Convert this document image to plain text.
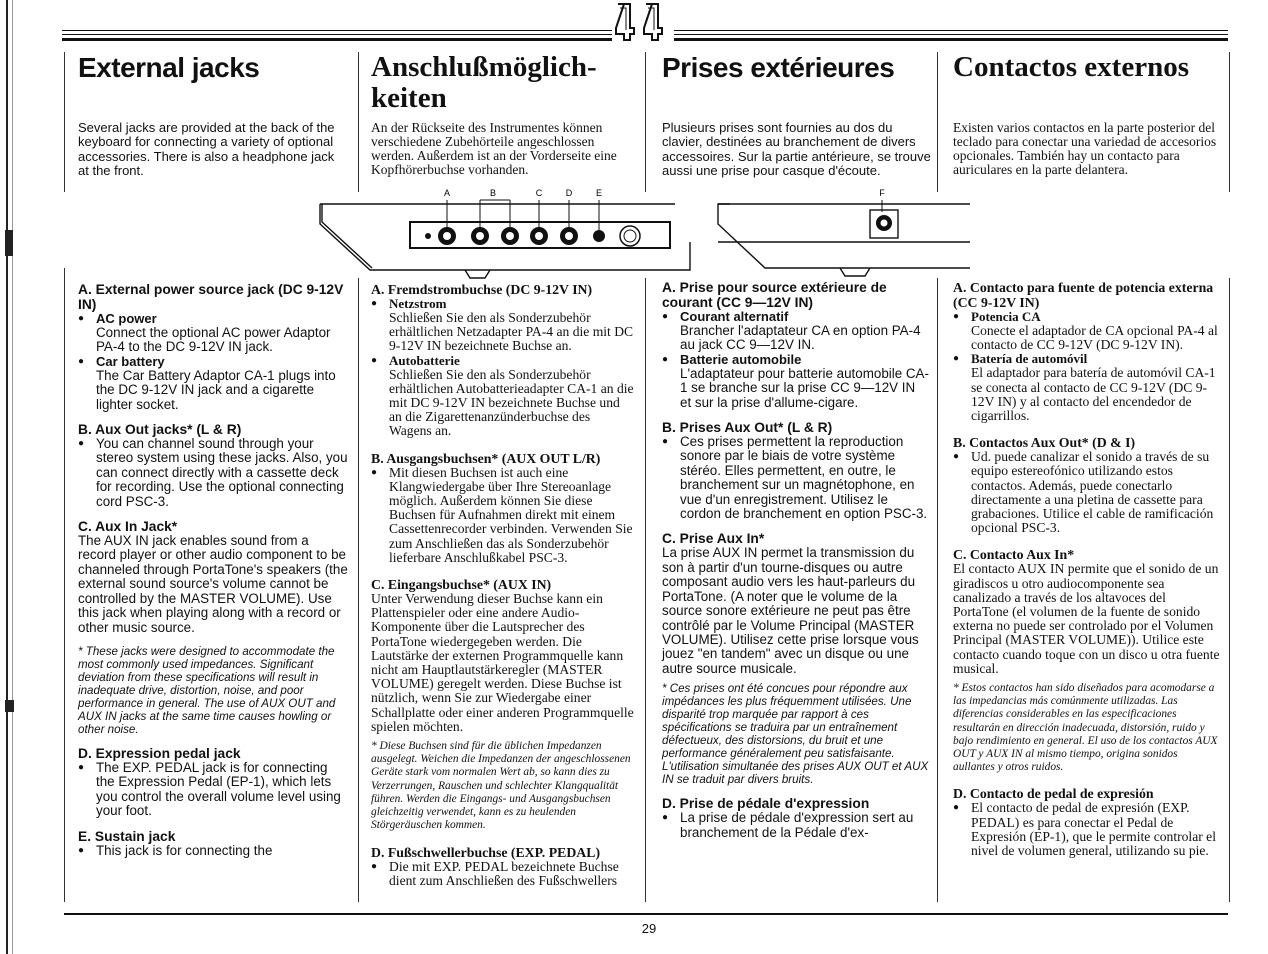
External jacks	Anschlußmöglich-
keiten
Prises extérieures Contactos externos

Several jacks are provided at the back of the keyboard for connecting a variety of optional accessories. There is also a headphone jack at the front.

An der Rückseite des Instrumentes können verschiedene Zubehörteile angeschlossen werden. Außerdem ist an der Vorderseite eine Kopfhörerbuchse vorhanden.

Plusieurs prises sont fournies au dos du clavier, destinées au branchement de divers accessoires. Sur la partie antérieure, se trouve aussi une prise pour casque d'écoute.

Existen varios contactos en la parte posterior del teclado para conectar una variedad de accesorios opcionales. También hay un contacto para auriculares en la parte delantera.

A	B	C	D	E	F
A. External power source jack (DC 9-12V IN)
● AC power

Connect the optional AC power Adaptor PA-4 to the DC 9-12V IN jack.

● Car battery

The Car Battery Adaptor CA-1 plugs into the DC 9-12V IN jack and a cigarette lighter socket.

B. Aux Out jacks* (L & R)

● You can channel sound through your stereo system using these jacks. Also, you can connect directly with a cassette deck for recording. Use the optional connecting cord PSC-3.

C. Aux In Jack*

The AUX IN jack enables sound from a record player or other audio component to be channeled through PortaTone's speakers (the external sound source's volume cannot be controlled by the MASTER VOLUME). Use this jack when playing along with a record or other music source.

* These jacks were designed to accommodate the most commonly used impedances. Significant deviation from these specifications will result in inadequate drive, distortion, noise, and poor performance in general. The use of AUX OUT and AUX IN jacks at the same time causes howling or other noise.

D. Expression pedal jack

● The EXP. PEDAL jack is for connecting the Expression Pedal (EP-1), which lets you control the overall volume level using your foot.

E. Sustain jack

● This jack is for connecting the

A. Fremdstrombuchse (DC 9-12V IN)
● Netzstrom

Schließen Sie den als Sonderzubehör erhältlichen Netzadapter PA-4 an die mit DC 9-12V IN bezeichnete Buchse an.

● Autobatterie

Schließen Sie den als Sonderzubehör erhältlichen Autobatterieadapter CA-1 an die mit DC 9-12V IN bezeichnete Buchse und an die Zigarettenanzünderbuchse des Wagens an.

B. Ausgangsbuchsen* (AUX OUT L/R)

● Mit diesen Buchsen ist auch eine Klangwiedergabe über Ihre Stereoanlage möglich. Außerdem können Sie diese Buchsen für Aufnahmen direkt mit einem Cassettenrecorder verbinden. Verwenden Sie zum Anschließen das als Sonderzubehör lieferbare Anschlußkabel PSC-3.

C. Eingangsbuchse* (AUX IN)

Unter Verwendung dieser Buchse kann ein Plattenspieler oder eine andere Audio-Komponente über die Lautsprecher des PortaTone wiedergegeben werden. Die Lautstärke der externen Programmquelle kann nicht am Hauptlautstärkeregler (MASTER VOLUME) geregelt werden. Diese Buchse ist nützlich, wenn Sie zur Wiedergabe einer Schallplatte oder einer anderen Programmquelle spielen möchten.

* Diese Buchsen sind für die üblichen Impedanzen ausgelegt. Weichen die Impedanzen der angeschlossenen Geräte stark vom normalen Wert ab, so kann dies zu Verzerrungen, Rauschen und schlechter Klangqualität führen. Werden die Eingangs- und Ausgangsbuchsen gleichzeitig verwendet, kann es zu heulenden Störgeräuschen kommen.

D. Fußschwellerbuchse (EXP. PEDAL)

● Die mit EXP. PEDAL bezeichnete Buchse dient zum Anschließen des Fußschwellers

A. Prise pour source extérieure de courant (CC 9—12V IN)
● Courant alternatif

Brancher l'adaptateur CA en option PA-4 au jack CC 9—12V IN.

● Batterie automobile

L'adaptateur pour batterie automobile CA-1 se branche sur la prise CC 9—12V IN et sur la prise d'allume-cigare.

B. Prises Aux Out* (L & R)

● Ces prises permettent la reproduction sonore par le biais de votre système stéréo. Elles permettent, en outre, le branchement sur un magnétophone, en vue d'un enregistrement. Utilisez le cordon de branchement en option PSC-3.

C. Prise Aux In*

La prise AUX IN permet la transmission du son à partir d'un tourne-disques ou autre composant audio vers les haut-parleurs du PortaTone. (A noter que le volume de la source sonore extérieure ne peut pas être contrôlé par le Volume Principal (MASTER VOLUME). Utilisez cette prise lorsque vous jouez "en tandem" avec un disque ou une autre source musicale.

* Ces prises ont été concues pour répondre aux impédances les plus fréquemment utilisées. Une disparité trop marquée par rapport à ces spécifications se traduira par un entraînement défectueux, des distorsions, du bruit et une performance généralement peu satisfaisante. L'utilisation simultanée des prises AUX OUT et AUX IN se traduit par divers bruits.

D. Prise de pédale d'expression

● La prise de pédale d'expression sert au branchement de la Pédale d'ex-

A. Contacto para fuente de potencia externa (CC 9-12V IN)
● Potencia CA

Conecte el adaptador de CA opcional PA-4 al contacto de CC 9-12V (DC 9-12V IN).

● Batería de automóvil

El adaptador para batería de automóvil CA-1 se conecta al contacto de CC 9-12V (DC 9-12V IN) y al contacto del encendedor de cigarrillos.

B. Contactos Aux Out* (D & I)

● Ud. puede canalizar el sonido a través de su equipo estereofónico utilizando estos contactos. Además, puede conectarlo directamente a una pletina de cassette para grabaciones. Utilice el cable de ramificación opcional PSC-3.

C. Contacto Aux In*

El contacto AUX IN permite que el sonido de un giradiscos u otro audiocomponente sea canalizado a través de los altavoces del PortaTone (el volumen de la fuente de sonido externa no puede ser controlado por el Volumen Principal (MASTER VOLUME)). Utilice este contacto cuando toque con un disco u otra fuente musical.

* Estos contactos han sido diseñados para acomodarse a las impedancias más comúnmente utilizadas. Las diferencias considerables en las especificaciones resultarán en dirección inadecuada, distorsión, ruido y bajo rendimiento en general. El uso de los contactos AUX OUT y AUX IN al mismo tiempo, origina sonidos aullantes y otros ruidos.

D. Contacto de pedal de expresión

● El contacto de pedal de expresión (EXP. PEDAL) es para conectar el Pedal de Expresión (EP-1), que le permite controlar el nivel de volumen general, utilizando su pie.

29
